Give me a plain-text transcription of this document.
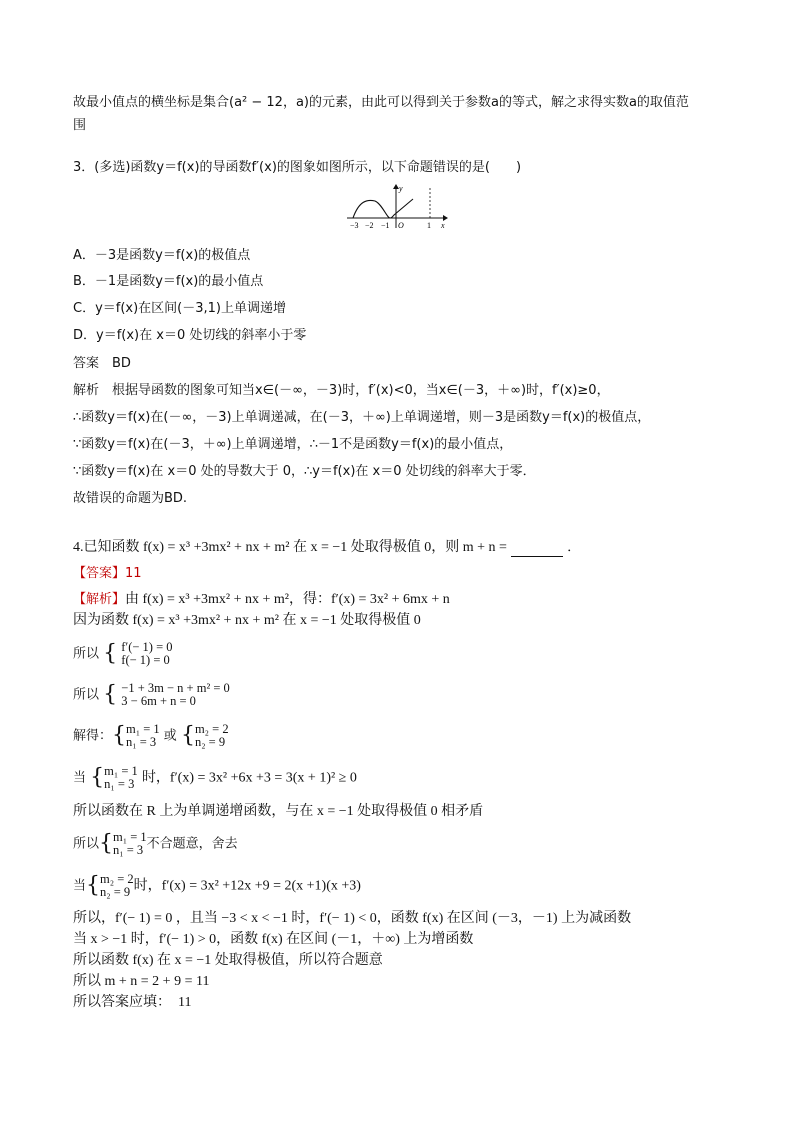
故最小值点的横坐标是集合(a² − 12，a)的元素，由此可以得到关于参数a的等式，解之求得实数a的取值范
围
3．(多选)函数y＝f(x)的导函数f′(x)的图象如图所示，以下命题错误的是(　　)
−3 −2 −1 O	1 x
y
A．－3是函数y＝f(x)的极值点
B．－1是函数y＝f(x)的最小值点
C．y＝f(x)在区间(－3,1)上单调递增
D．y＝f(x)在 x＝0 处切线的斜率小于零
答案　BD
解析　根据导函数的图象可知当x∈(－∞，－3)时，f′(x)<0，当x∈(－3，＋∞)时，f′(x)≥0，
∴函数y＝f(x)在(－∞，－3)上单调递减，在(－3，＋∞)上单调递增，则－3是函数y＝f(x)的极值点，
∵函数y＝f(x)在(－3，＋∞)上单调递增，∴－1不是函数y＝f(x)的最小值点，
∵函数y＝f(x)在 x＝0 处的导数大于 0，∴y＝f(x)在 x＝0 处切线的斜率大于零．
故错误的命题为BD.
4.已知函数 f(x) = x³ +3mx² + nx + m² 在 x = −1 处取得极值 0，则 m + n =	．
【答案】11
【解析】由 f(x) = x³ +3mx² + nx + m²，得：f′(x) = 3x² + 6mx + n
因为函数 f(x) = x³ +3mx² + nx + m² 在 x = −1 处取得极值 0
所以 { f′(− 1) = 0
f(− 1) = 0
所以 { −1 + 3m − n + m² = 0
3 − 6m + n = 0
解得：{ m₁ = 1
n₁ = 3 或 { m₂ = 2
n₂ = 9
当 { m₁ = 1
n₁ = 3 时，f′(x) = 3x² +6x +3 = 3(x + 1)² ≥ 0
所以函数在 R 上为单调递增函数，与在 x = −1 处取得极值 0 相矛盾
所以{ m₁ = 1
n₁ = 3 不合题意，舍去
当{ m₂ = 2
n₂ = 9 时，f′(x) = 3x² +12x +9 = 2(x +1)(x +3)
所以，f′(− 1) = 0 ，且当 −3 < x < −1 时，f′(− 1) < 0，函数 f(x) 在区间 (－3，－1) 上为减函数
当 x > −1 时，f′(− 1) > 0，函数 f(x) 在区间 (－1，＋∞) 上为增函数
所以函数 f(x) 在 x = −1 处取得极值，所以符合题意
所以 m + n = 2 + 9 = 11
所以答案应填：　11
